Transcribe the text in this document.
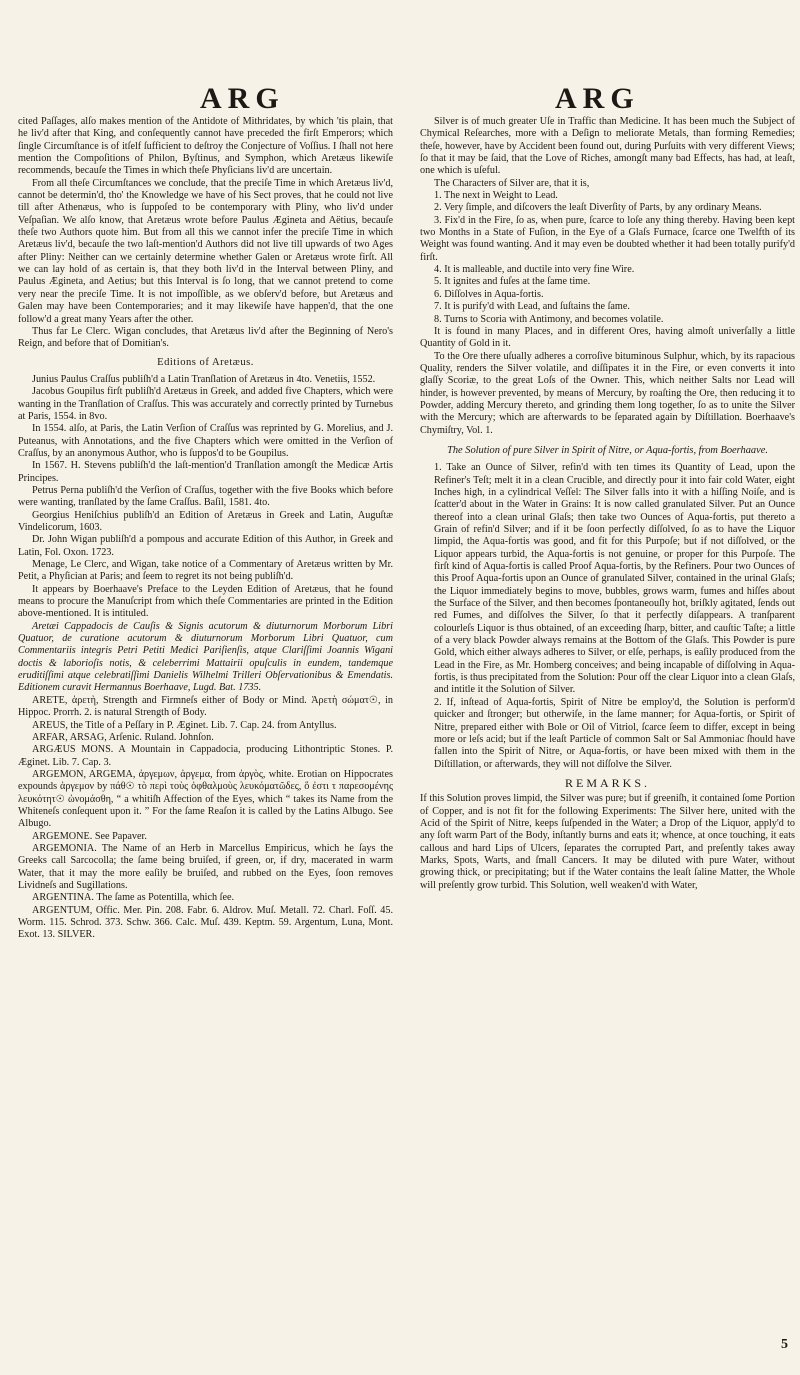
ARG	ARG

cited Paſſages, alſo makes mention of the Antidote of Mithridates, by which 'tis plain, that he liv'd after that King, and conſequently cannot have preceded the firſt Emperors; which ſingle Circumſtance is of itſelf ſufficient to deſtroy the Conjecture of Voſſius. I ſhall not here mention the Compoſitions of Philon, Byſtinus, and Symphon, which Aretæus likewiſe recommends, becauſe the Times in which theſe Phyſicians liv'd are uncertain.

From all theſe Circumſtances we conclude, that the preciſe Time in which Aretæus liv'd, cannot be determin'd, tho' the Knowledge we have of his Sect proves, that he could not live till after Athenæus, who is ſuppoſed to be contemporary with Pliny, who liv'd under Veſpaſian. We alſo know, that Aretæus wrote before Paulus Ægineta and Aëtius, becauſe theſe two Authors quote him. But from all this we cannot infer the preciſe Time in which Aretæus liv'd, becauſe the two laſt-mention'd Authors did not live till upwards of two Ages after Pliny: Neither can we certainly determine whether Galen or Aretæus wrote firſt. All we can lay hold of as certain is, that they both liv'd in the Interval between Pliny, and Paulus Ægineta, and Aetius; but this Interval is ſo long, that we cannot pretend to come very near the preciſe Time. It is not impoſſible, as we obſerv'd before, but Aretæus and Galen may have been Contemporaries; and it may likewiſe have happen'd, that the one follow'd a great many Years after the other.

Thus far Le Clerc. Wigan concludes, that Aretæus liv'd after the Beginning of Nero's Reign, and before that of Domitian's.

Editions of Aretæus.

Junius Paulus Craſſus publiſh'd a Latin Tranſlation of Aretæus in 4to. Venetiis, 1552.

Jacobus Goupilus firſt publiſh'd Aretæus in Greek, and added five Chapters, which were wanting in the Tranſlation of Craſſus. This was accurately and correctly printed by Turnebus at Paris, 1554. in 8vo.

In 1554. alſo, at Paris, the Latin Verſion of Craſſus was reprinted by G. Morelius, and J. Puteanus, with Annotations, and the five Chapters which were omitted in the Verſion of Craſſus, by an anonymous Author, who is ſuppos'd to be Goupilus.

In 1567. H. Stevens publiſh'd the laſt-mention'd Tranſlation amongſt the Medicæ Artis Principes.

Petrus Perna publiſh'd the Verſion of Craſſus, together with the five Books which before were wanting, tranſlated by the ſame Craſſus. Baſil, 1581. 4to.

Georgius Heniſchius publiſh'd an Edition of Aretæus in Greek and Latin, Auguſtæ Vindelicorum, 1603.

Dr. John Wigan publiſh'd a pompous and accurate Edition of this Author, in Greek and Latin, Fol. Oxon. 1723.

Menage, Le Clerc, and Wigan, take notice of a Commentary of Aretæus written by Mr. Petit, a Phyſician at Paris; and ſeem to regret its not being publiſh'd.

It appears by Boerhaave's Preface to the Leyden Edition of Aretæus, that he found means to procure the Manuſcript from which theſe Commentaries are printed in the Edition above-mentioned. It is intituled.

Aretæi Cappadocis de Cauſis & Signis acutorum & diuturnorum Morborum Libri Quatuor, de curatione acutorum & diuturnorum Morborum Libri Quatuor, cum Commentariis integris Petri Petiti Medici Pariſienſis, atque Clariſſimi Joannis Wigani doctis & laborioſis notis, & celeberrimi Mattairii opuſculis in eundem, tandemque eruditiſſimi atque celebratiſſimi Danielis Wilhelmi Trilleri Obſervationibus & Emendatis. Editionem curavit Hermannus Boerhaave, Lugd. Bat. 1735.

ARETE, ἀρετὴ, Strength and Firmneſs either of Body or Mind. Ἀρετὴ σώματ☉, in Hippoc. Prorrh. 2. is natural Strength of Body.

AREUS, the Title of a Peſſary in P. Æginet. Lib. 7. Cap. 24. from Antyllus.

ARFAR, ARSAG, Arſenic. Ruland. Johnſon.

ARGÆUS MONS. A Mountain in Cappadocia, producing Lithontriptic Stones. P. Æginet. Lib. 7. Cap. 3.

ARGEMON, ARGEMA, ἀργεμων, ἀργεμα, from ἀργὸς, white. Erotian on Hippocrates expounds ἀργεμον by πάθ☉ τὸ περὶ τοὺς ὀφθαλμοὺς λευκόματῶδες, ὅ ἐστι τ παρεσομένης λευκότητ☉ ὠνομάσθη, “ a whitiſh Affection of the Eyes, which “ takes its Name from the Whiteneſs conſequent upon it. ” For the ſame Reaſon it is called by the Latins Albugo. See Albugo.

ARGEMONE. See Papaver.

ARGEMONIA. The Name of an Herb in Marcellus Empiricus, which he ſays the Greeks call Sarcocolla; the ſame being bruiſed, if green, or, if dry, macerated in warm Water, that it may the more eaſily be bruiſed, and rubbed on the Eyes, ſoon removes Lividneſs and Sugillations.

ARGENTINA. The ſame as Potentilla, which ſee.

ARGENTUM, Offic. Mer. Pin. 208. Fabr. 6. Aldrov. Muſ. Metall. 72. Charl. Foſſ. 45. Worm. 115. Schrod. 373. Schw. 366. Calc. Muſ. 439. Keptm. 59. Argentum, Luna, Mont. Exot. 13. SILVER.

Silver is of much greater Uſe in Traffic than Medicine. It has been much the Subject of Chymical Reſearches, more with a Deſign to meliorate Metals, than forming Remedies; theſe, however, have by Accident been found out, during Purſuits with very different Views; ſo that it may be ſaid, that the Love of Riches, amongſt many bad Effects, has had, at leaſt, one which is uſeful.

The Characters of Silver are, that it is,

1. The next in Weight to Lead.

2. Very ſimple, and diſcovers the leaſt Diverſity of Parts, by any ordinary Means.

3. Fix'd in the Fire, ſo as, when pure, ſcarce to loſe any thing thereby. Having been kept two Months in a State of Fuſion, in the Eye of a Glaſs Furnace, ſcarce one Twelfth of its Weight was found wanting. And it may even be doubted whether it had been totally purify'd firſt.

4. It is malleable, and ductile into very fine Wire.

5. It ignites and fuſes at the ſame time.

6. Diſſolves in Aqua-fortis.

7. It is purify'd with Lead, and ſuſtains the ſame.

8. Turns to Scoria with Antimony, and becomes volatile.

It is found in many Places, and in different Ores, having almoſt univerſally a little Quantity of Gold in it.

To the Ore there uſually adheres a corroſive bituminous Sulphur, which, by its rapacious Quality, renders the Silver volatile, and diſſipates it in the Fire, or even converts it into glaſſy Scoriæ, to the great Loſs of the Owner. This, which neither Salts nor Lead will hinder, is however prevented, by means of Mercury, by roaſting the Ore, then reducing it to Powder, adding Mercury thereto, and grinding them long together, ſo as to unite the Silver with the Mercury; which are afterwards to be ſeparated again by Diſtillation. Boerhaave's Chymiſtry, Vol. 1.

The Solution of pure Silver in Spirit of Nitre, or Aqua-fortis, from Boerhaave.

1. Take an Ounce of Silver, refin'd with ten times its Quantity of Lead, upon the Refiner's Teſt; melt it in a clean Crucible, and directly pour it into fair cold Water, eight Inches high, in a cylindrical Veſſel: The Silver falls into it with a hiſſing Noiſe, and is ſcatter'd about in the Water in Grains: It is now called granulated Silver. Put an Ounce thereof into a clean urinal Glaſs; then take two Ounces of Aqua-fortis, put thereto a Grain of refin'd Silver; and if it be ſoon perfectly diſſolved, ſo as to have the Liquor limpid, the Aqua-fortis was good, and fit for this Purpoſe; but if not diſſolved, or the Liquor appears turbid, the Aqua-fortis is not genuine, or proper for this Purpoſe. The firſt kind of Aqua-fortis is called Proof Aqua-fortis, by the Refiners. Pour two Ounces of this Proof Aqua-fortis upon an Ounce of granulated Silver, contained in the urinal Glaſs; the Liquor immediately begins to move, bubbles, grows warm, fumes and hiſſes about the Surface of the Silver, and then becomes ſpontaneouſly hot, briſkly agitated, ſends out red Fumes, and diſſolves the Silver, ſo that it perfectly diſappears. A tranſparent colourleſs Liquor is thus obtained, of an exceeding ſharp, bitter, and cauſtic Taſte; a little of a very black Powder always remains at the Bottom of the Glaſs. This Powder is pure Gold, which either always adheres to Silver, or elſe, perhaps, is eaſily produced from the Lead in the Fire, as Mr. Homberg conceives; and being incapable of diſſolving in Aqua-fortis, is thus precipitated from the Solution: Pour off the clear Liquor into a clean Glaſs, and intitle it the Solution of Silver.

2. If, inſtead of Aqua-fortis, Spirit of Nitre be employ'd, the Solution is perform'd quicker and ſtronger; but otherwiſe, in the ſame manner; for Aqua-fortis, or Spirit of Nitre, prepared either with Bole or Oil of Vitriol, ſcarce ſeem to differ, except in being more or leſs acid; but if the leaſt Particle of common Salt or Sal Ammoniac ſhould have fallen into the Spirit of Nitre, or Aqua-fortis, or have been mixed with them in the Diſtillation, or afterwards, they will not diſſolve the Silver.

REMARKS.

If this Solution proves limpid, the Silver was pure; but if greeniſh, it contained ſome Portion of Copper, and is not fit for the following Experiments: The Silver here, united with the Acid of the Spirit of Nitre, keeps ſuſpended in the Water; a Drop of the Liquor, apply'd to any ſoft warm Part of the Body, inſtantly burns and eats it; whence, at once touching, it eats callous and hard Lips of Ulcers, ſeparates the corrupted Part, and preſently takes away Marks, Spots, Warts, and ſmall Cancers. It may be diluted with pure Water, without growing thick, or precipitating; but if the Water contains the leaſt ſaline Matter, the Whole will preſently grow turbid. This Solution, well weaken'd with Water,

5
